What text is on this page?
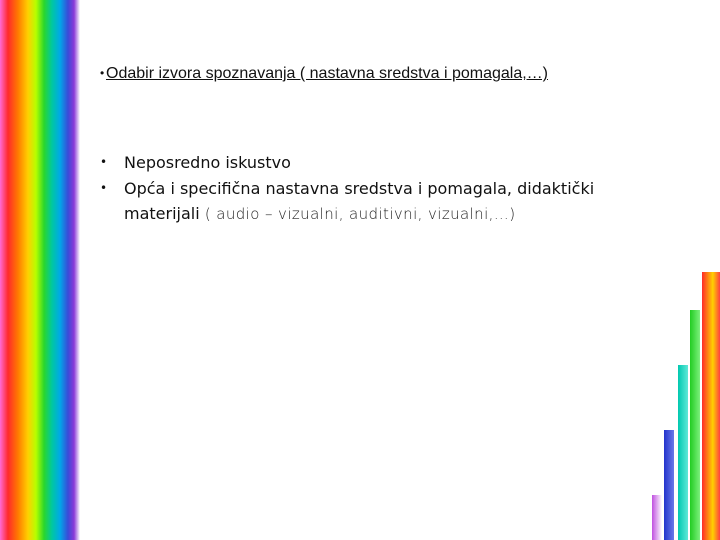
• Odabir izvora spoznavanja ( nastavna sredstva i pomagala,…)

• Neposredno iskustvo
• Opća i specifična nastavna sredstva i pomagala, didaktički materijali ( audio – vizualni, auditivni, vizualni,…)
